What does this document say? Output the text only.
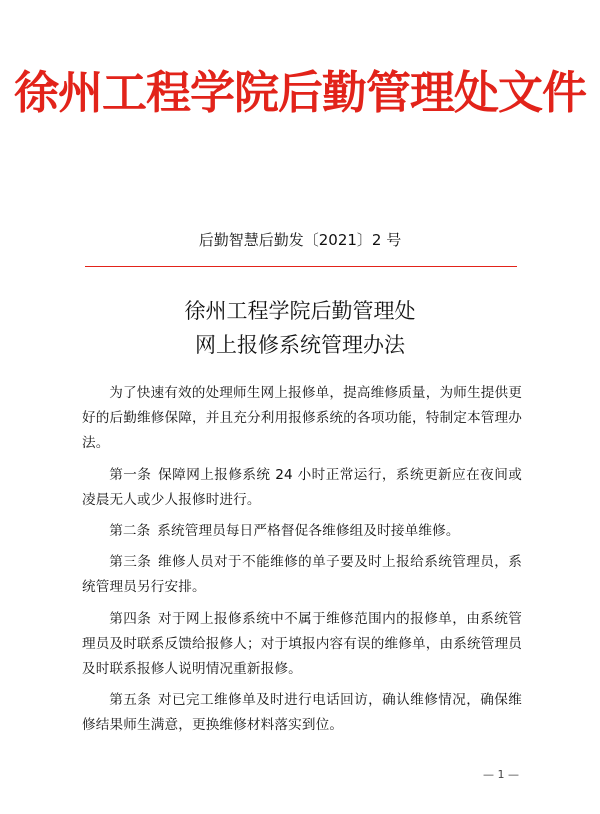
徐州工程学院后勤管理处文件
后勤智慧后勤发〔2021〕2 号
徐州工程学院后勤管理处
网上报修系统管理办法

为了快速有效的处理师生网上报修单，提高维修质量，为师生提供更好的后勤维修保障，并且充分利用报修系统的各项功能，特制定本管理办法。

第一条 保障网上报修系统 24 小时正常运行，系统更新应在夜间或凌晨无人或少人报修时进行。

第二条 系统管理员每日严格督促各维修组及时接单维修。

第三条 维修人员对于不能维修的单子要及时上报给系统管理员，系统管理员另行安排。

第四条 对于网上报修系统中不属于维修范围内的报修单，由系统管理员及时联系反馈给报修人；对于填报内容有误的维修单，由系统管理员及时联系报修人说明情况重新报修。

第五条 对已完工维修单及时进行电话回访，确认维修情况，确保维修结果师生满意，更换维修材料落实到位。

— 1 —
